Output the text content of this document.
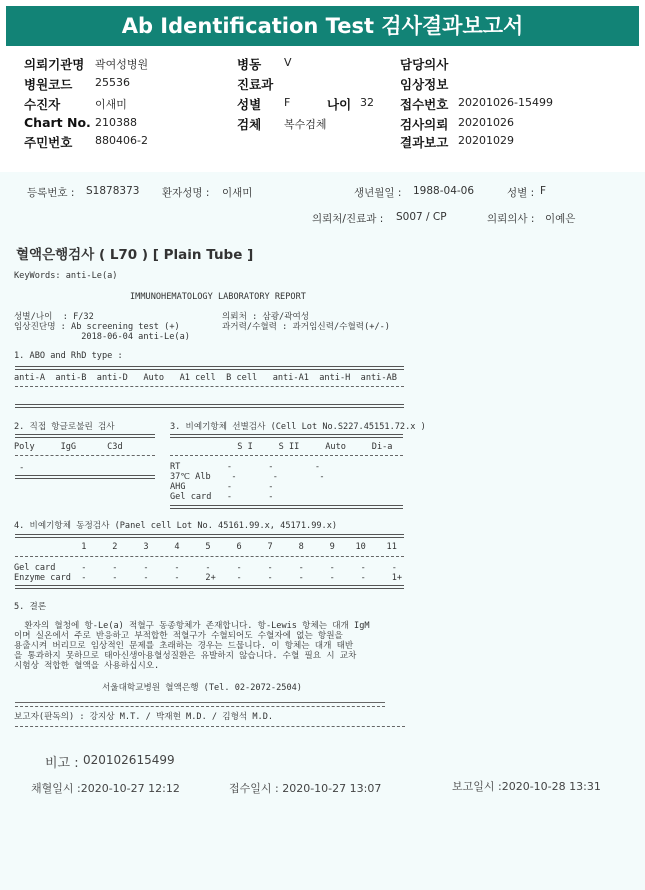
Ab Identification Test 검사결과보고서
의뢰기관명 곽여성병원
병원코드 25536
수진자	이새미
Chart No. 210388
주민번호 880406-2
병동 V
진료과
성별 F
검체 복수검체
나이 32
담당의사
임상정보
접수번호 20201026-15499
검사의뢰 20201026
결과보고 20201029
등록번호 : S1878373 환자성명 : 이새미	생년월일 : 1988-04-06	성별 : F
의뢰처/진료과 : S007 / CP	의뢰의사 : 이예은
혈액은행검사 ( L70 ) [ Plain Tube ]
KeyWords: anti-Le(a)
IMMUNOHEMATOLOGY LABORATORY REPORT
성별/나이  : F/32
임상진단명 : Ab screening test (+)
2018-06-04 anti-Le(a)
의뢰처 : 삼광/곽여성
과거력/수혈력 : 과거임신력/수혈력(+/-)
1. ABO and RhD type :
anti-A  anti-B  anti-D   Auto   A1 cell  B cell   anti-A1  anti-H  anti-AB
2. 직접 항글로불린 검사
Poly     IgG      C3d
-
3. 비예기항체 선별검사 (Cell Lot No.S227.45151.72.x )
S I     S II     Auto     Di-a
RT         -       -        -
37℃ Alb    -       -        -
AHG        -       -
Gel card   -       -
4. 비예기항체 동정검사 (Panel cell Lot No. 45161.99.x, 45171.99.x)
1     2     3     4     5     6     7     8     9    10    11
Gel card     -     -     -     -     -     -     -     -     -     -     -
Enzyme card  -     -     -     -     2+    -     -     -     -     -     1+
5. 결론
환자의 혈청에 항-Le(a) 적혈구 동종항체가 존재합니다. 항-Lewis 항체는 대개 IgM
이며 실온에서 주로 반응하고 부적합한 적혈구가 수혈되어도 수혈자에 없는 항원을
용출시켜 버리므로 임상적인 문제를 초래하는 경우는 드뭅니다. 이 항체는 대개 태반
을 통과하지 못하므로 태아신생아용혈성질환은 유발하지 않습니다. 수혈 필요 시 교차
시험상 적합한 혈액을 사용하십시오.
서울대학교병원 혈액은행 (Tel. 02-2072-2504)
보고자(판독의) : 강지상 M.T. / 박재현 M.D. / 김형석 M.D.
비고 : 020102615499
채혈일시 :2020-10-27 12:12	접수일시 : 2020-10-27 13:07	보고일시 :2020-10-28 13:31
